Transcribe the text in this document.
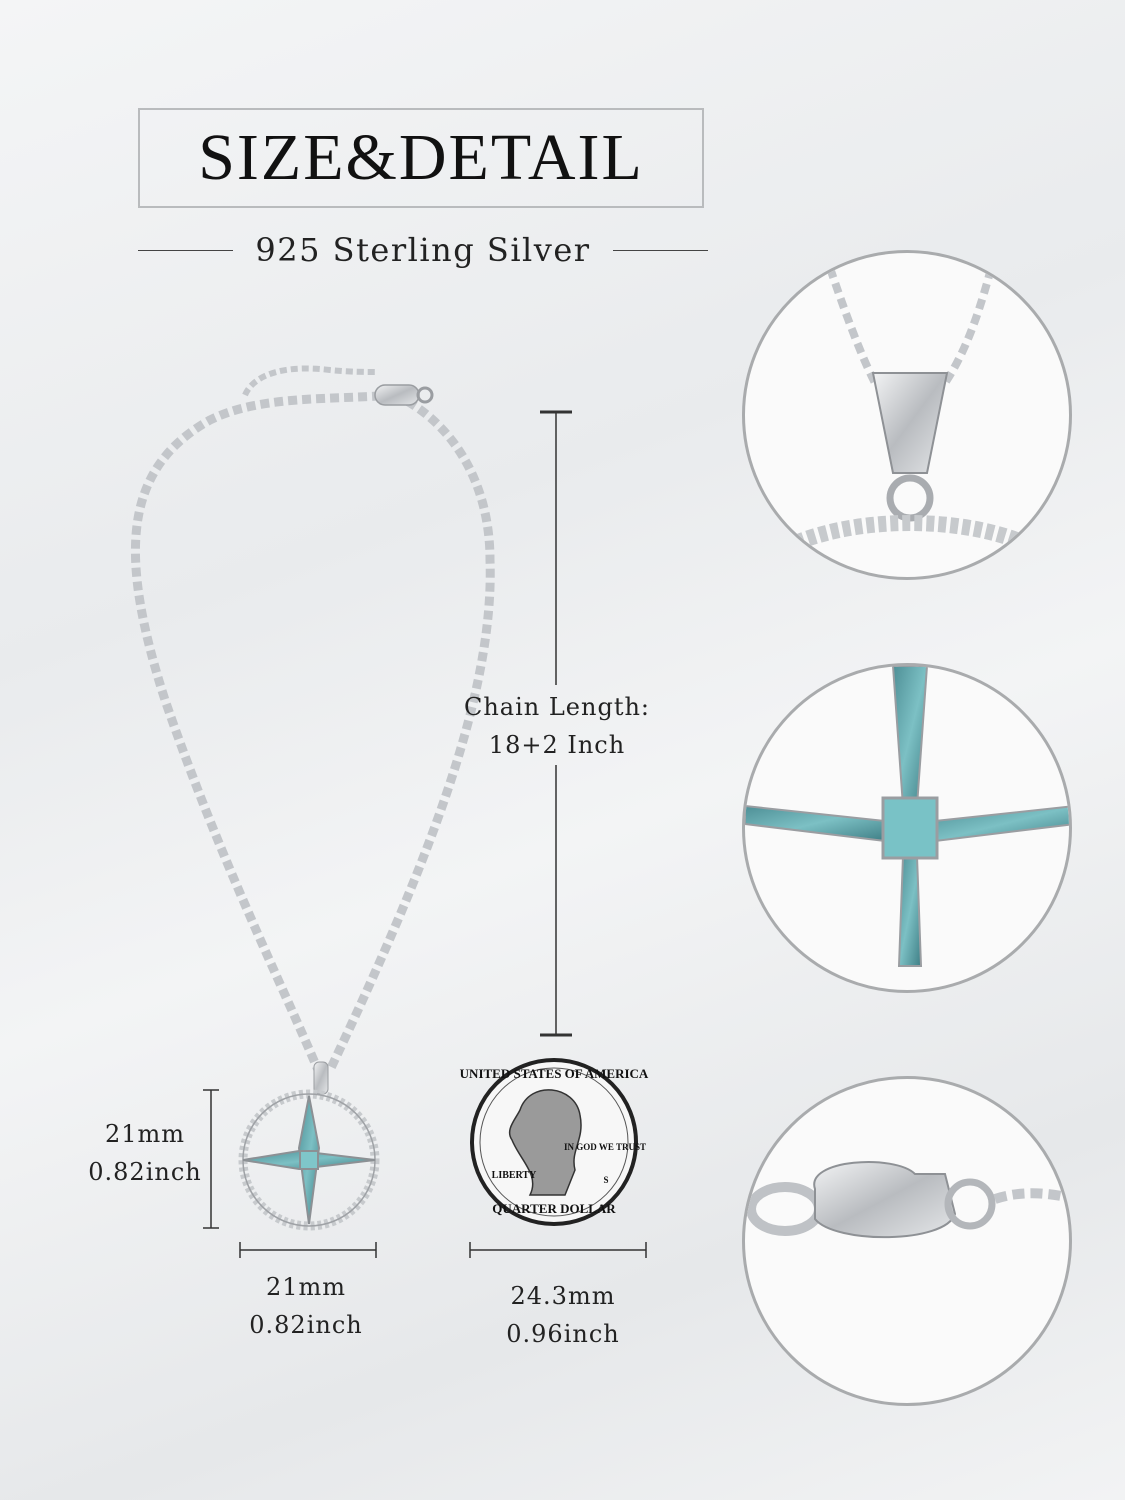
SIZE&DETAIL
925 Sterling Silver
UNITED STATES OF AMERICA
IN GOD WE TRUST
LIBERTY	S
QUARTER DOLLAR
Chain Length:
18+2 Inch
21mm
0.82inch
21mm
0.82inch
24.3mm
0.96inch
